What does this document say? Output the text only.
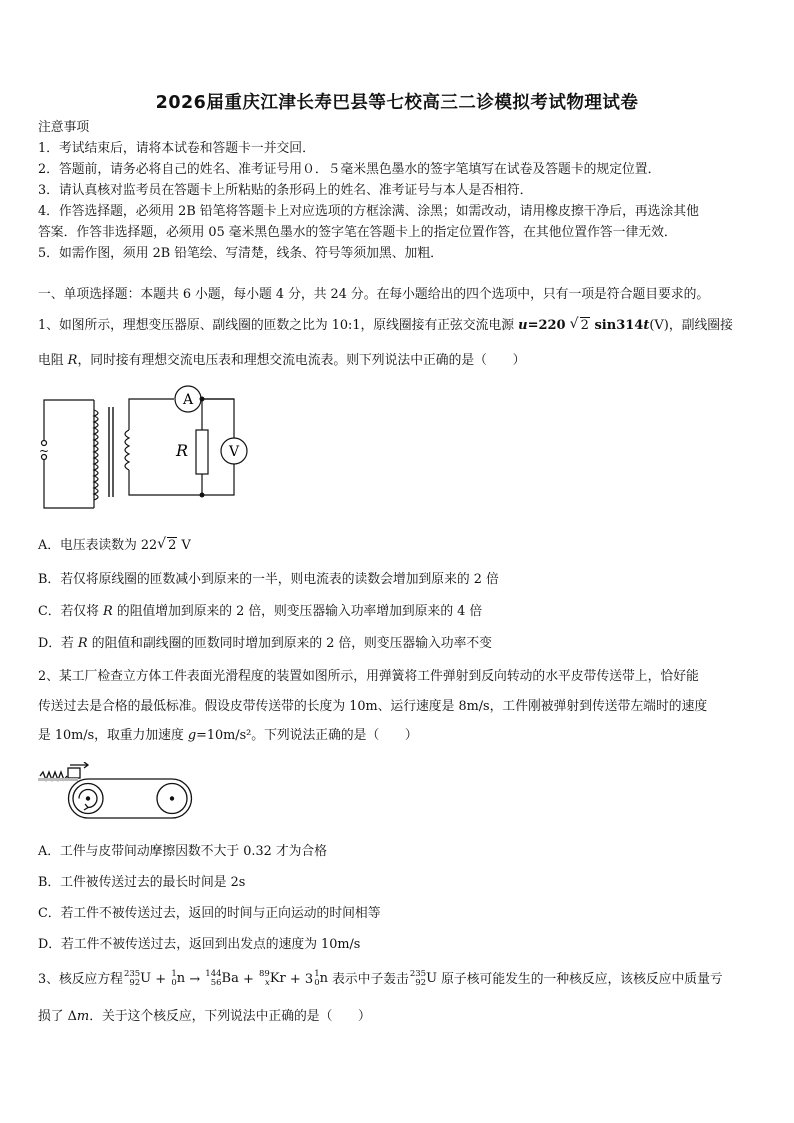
2026届重庆江津长寿巴县等七校高三二诊模拟考试物理试卷
注意事项
1．考试结束后，请将本试卷和答题卡一并交回．
2．答题前，请务必将自己的姓名、准考证号用０．５毫米黑色墨水的签字笔填写在试卷及答题卡的规定位置．
3．请认真核对监考员在答题卡上所粘贴的条形码上的姓名、准考证号与本人是否相符．
4．作答选择题，必须用 2B 铅笔将答题卡上对应选项的方框涂满、涂黑；如需改动，请用橡皮擦干净后，再选涂其他
答案．作答非选择题，必须用 05 毫米黑色墨水的签字笔在答题卡上的指定位置作答，在其他位置作答一律无效．
5．如需作图，须用 2B 铅笔绘、写清楚，线条、符号等须加黑、加粗．
一、单项选择题：本题共 6 小题，每小题 4 分，共 24 分。在每小题给出的四个选项中，只有一项是符合题目要求的。
1、如图所示，理想变压器原、副线圈的匝数之比为 10:1，原线圈接有正弦交流电源 u=220 √ 2 sin314t(V)，副线圈接
电阻 R，同时接有理想交流电压表和理想交流电流表。则下列说法中正确的是（　　）
A
V
R
~
A．电压表读数为 22 √ 2 V
B．若仅将原线圈的匝数减小到原来的一半，则电流表的读数会增加到原来的 2 倍
C．若仅将 R 的阻值增加到原来的 2 倍，则变压器输入功率增加到原来的 4 倍
D．若 R 的阻值和副线圈的匝数同时增加到原来的 2 倍，则变压器输入功率不变
2、某工厂检查立方体工件表面光滑程度的装置如图所示，用弹簧将工件弹射到反向转动的水平皮带传送带上，恰好能
传送过去是合格的最低标准。假设皮带传送带的长度为 10m、运行速度是 8m/s，工件刚被弹射到传送带左端时的速度
是 10m/s，取重力加速度 g=10m/s²。下列说法正确的是（　　）
A．工件与皮带间动摩擦因数不大于 0.32 才为合格
B．工件被传送过去的最长时间是 2s
C．若工件不被传送过去，返回的时间与正向运动的时间相等
D．若工件不被传送过去，返回到出发点的速度为 10m/s
3、核反应方程 235
92 U + 1
0 n → 144
56 Ba + 89
x Kr + 3 1
0 n 表示中子轰击 235
92 U 原子核可能发生的一种核反应，该核反应中质量亏
损了 Δm．关于这个核反应，下列说法中正确的是（　　）
